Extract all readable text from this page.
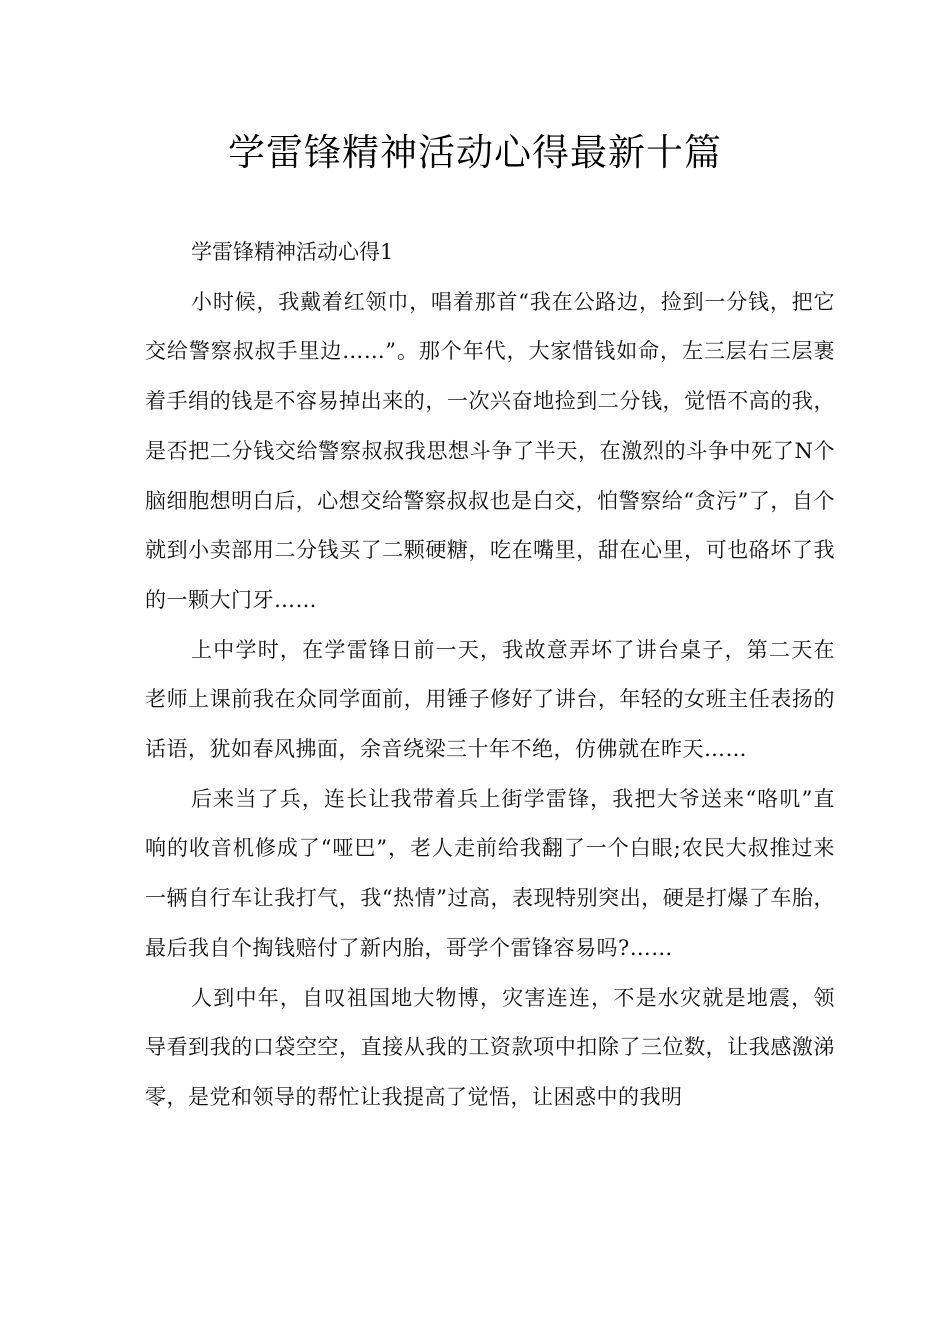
学雷锋精神活动心得最新十篇

学雷锋精神活动心得1

小时候，我戴着红领巾，唱着那首“我在公路边，捡到一分钱，把它交给警察叔叔手里边……”。那个年代，大家惜钱如命，左三层右三层裹着手绢的钱是不容易掉出来的，一次兴奋地捡到二分钱，觉悟不高的我，是否把二分钱交给警察叔叔我思想斗争了半天，在激烈的斗争中死了N个脑细胞想明白后，心想交给警察叔叔也是白交，怕警察给“贪污”了，自个就到小卖部用二分钱买了二颗硬糖，吃在嘴里，甜在心里，可也硌坏了我的一颗大门牙……

上中学时，在学雷锋日前一天，我故意弄坏了讲台桌子，第二天在老师上课前我在众同学面前，用锤子修好了讲台，年轻的女班主任表扬的话语，犹如春风拂面，余音绕梁三十年不绝，仿佛就在昨天……

后来当了兵，连长让我带着兵上街学雷锋，我把大爷送来“咯叽”直响的收音机修成了“哑巴”，老人走前给我翻了一个白眼;农民大叔推过来一辆自行车让我打气，我“热情”过高，表现特别突出，硬是打爆了车胎，最后我自个掏钱赔付了新内胎，哥学个雷锋容易吗?……

人到中年，自叹祖国地大物博，灾害连连，不是水灾就是地震，领导看到我的口袋空空，直接从我的工资款项中扣除了三位数，让我感激涕零，是党和领导的帮忙让我提高了觉悟，让困惑中的我明
